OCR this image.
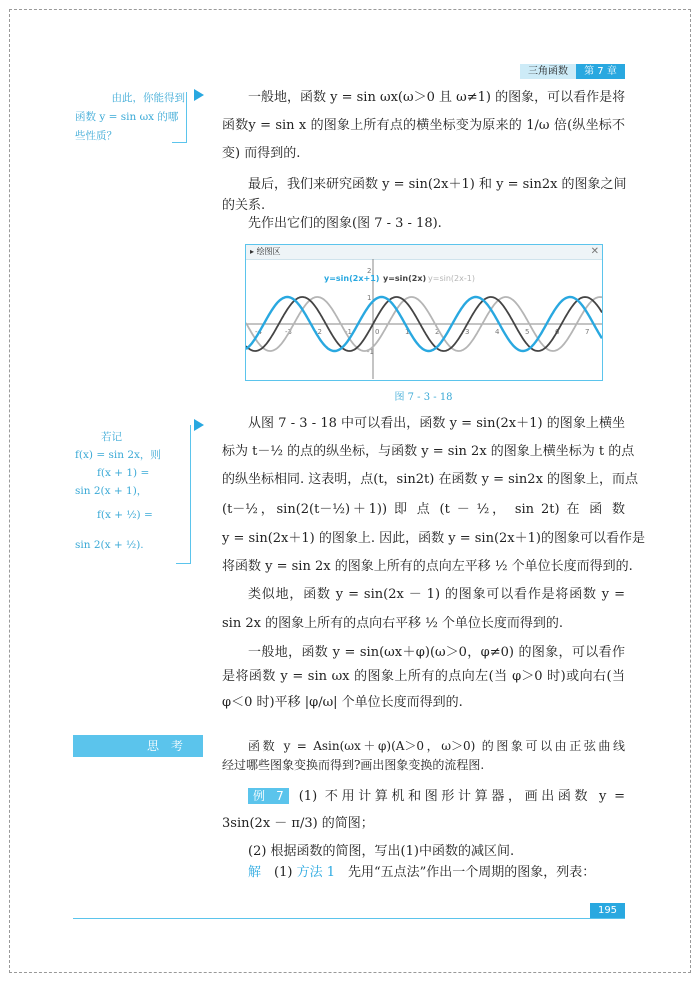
三角函数	第 7 章
由此，你能得到
函数 y = sin ωx 的哪
些性质？
一般地，函数 y = sin ωx(ω＞0 且 ω≠1) 的图象，可以看作是将
函数y = sin x 的图象上所有点的横坐标变为原来的 1/ω 倍(纵坐标不
变) 而得到的.
最后，我们来研究函数 y = sin(2x＋1) 和 y = sin2x 的图象之间
的关系.
先作出它们的图象(图 7 - 3 - 18).
▸ 绘图区	✕
-4	-3	-2	-1	0	1	2	3	4	5	6	7
-1
1
2
y=sin(2x+1) y=sin(2x) y=sin(2x-1)
图 7 - 3 - 18
若记
f(x) = sin 2x，则
f(x + 1) =
sin 2(x + 1)，
f(x + ½) =
sin 2(x + ½).
从图 7 - 3 - 18 中可以看出，函数 y = sin(2x＋1) 的图象上横坐
标为 t－½ 的点的纵坐标，与函数 y = sin 2x 的图象上横坐标为 t 的点
的纵坐标相同. 这表明，点(t，sin2t) 在函数 y = sin2x 的图象上，而点
(t－½，sin(2(t－½)＋1)) 即 点 (t － ½， sin 2t) 在 函 数
y = sin(2x＋1) 的图象上. 因此，函数 y = sin(2x＋1)的图象可以看作是
将函数 y = sin 2x 的图象上所有的点向左平移 ½ 个单位长度而得到的.
类似地，函数 y = sin(2x － 1) 的图象可以看作是将函数 y =
sin 2x 的图象上所有的点向右平移 ½ 个单位长度而得到的.
一般地，函数 y = sin(ωx＋φ)(ω＞0，φ≠0) 的图象，可以看作
是将函数 y = sin ωx 的图象上所有的点向左(当 φ＞0 时)或向右(当
φ＜0 时)平移 |φ/ω| 个单位长度而得到的.
思　考	函数 y = Asin(ωx＋φ)(A＞0，ω＞0) 的图象可以由正弦曲线
经过哪些图象变换而得到?画出图象变换的流程图.
例 7 (1) 不用计算机和图形计算器，画出函数 y =
3sin(2x － π/3) 的简图；
(2) 根据函数的简图，写出(1)中函数的减区间.
解　 (1) 方法 1　 先用“五点法”作出一个周期的图象，列表：
195
